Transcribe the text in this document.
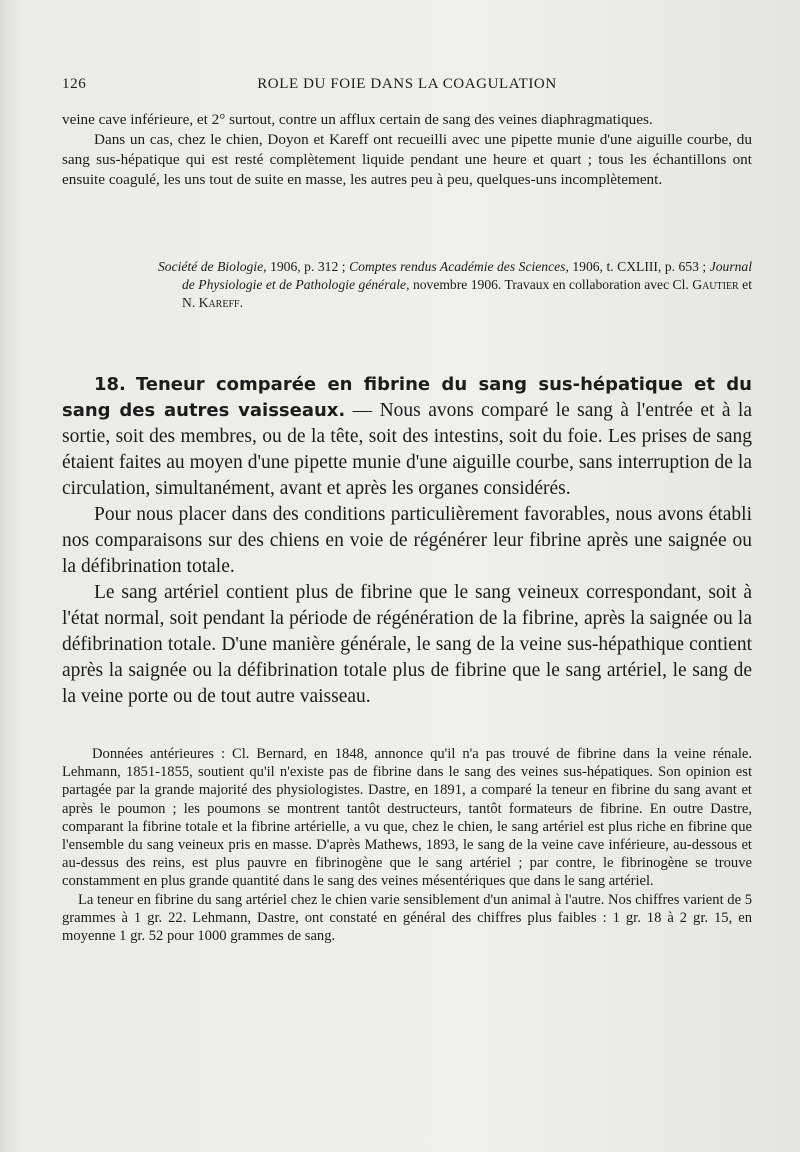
126	ROLE DU FOIE DANS LA COAGULATION

veine cave inférieure, et 2° surtout, contre un afflux certain de sang des veines diaphragmatiques.

Dans un cas, chez le chien, Doyon et Kareff ont recueilli avec une pipette munie d'une aiguille courbe, du sang sus-hépatique qui est resté complètement liquide pendant une heure et quart ; tous les échantillons ont ensuite coagulé, les uns tout de suite en masse, les autres peu à peu, quelques-uns incomplètement.

Société de Biologie, 1906, p. 312 ; Comptes rendus Académie des Sciences, 1906, t. CXLIII, p. 653 ; Journal de Physiologie et de Pathologie générale, novembre 1906. Travaux en collaboration avec Cl. Gautier et N. Kareff.

18. Teneur comparée en fibrine du sang sus-hépatique et du sang des autres vaisseaux. — Nous avons comparé le sang à l'entrée et à la sortie, soit des membres, ou de la tête, soit des intestins, soit du foie. Les prises de sang étaient faites au moyen d'une pipette munie d'une aiguille courbe, sans interruption de la circulation, simultanément, avant et après les organes considérés.

Pour nous placer dans des conditions particulièrement favorables, nous avons établi nos comparaisons sur des chiens en voie de régénérer leur fibrine après une saignée ou la défibrination totale.

Le sang artériel contient plus de fibrine que le sang veineux correspondant, soit à l'état normal, soit pendant la période de régénération de la fibrine, après la saignée ou la défibrination totale. D'une manière générale, le sang de la veine sus-hépathique contient après la saignée ou la défibrination totale plus de fibrine que le sang artériel, le sang de la veine porte ou de tout autre vaisseau.

Données antérieures : Cl. Bernard, en 1848, annonce qu'il n'a pas trouvé de fibrine dans la veine rénale. Lehmann, 1851-1855, soutient qu'il n'existe pas de fibrine dans le sang des veines sus-hépatiques. Son opinion est partagée par la grande majorité des physiologistes. Dastre, en 1891, a comparé la teneur en fibrine du sang avant et après le poumon ; les poumons se montrent tantôt destructeurs, tantôt formateurs de fibrine. En outre Dastre, comparant la fibrine totale et la fibrine artérielle, a vu que, chez le chien, le sang artériel est plus riche en fibrine que l'ensemble du sang veineux pris en masse. D'après Mathews, 1893, le sang de la veine cave inférieure, au-dessous et au-dessus des reins, est plus pauvre en fibrinogène que le sang artériel ; par contre, le fibrinogène se trouve constamment en plus grande quantité dans le sang des veines mésentériques que dans le sang artériel.

La teneur en fibrine du sang artériel chez le chien varie sensiblement d'un animal à l'autre. Nos chiffres varient de 5 grammes à 1 gr. 22. Lehmann, Dastre, ont constaté en général des chiffres plus faibles : 1 gr. 18 à 2 gr. 15, en moyenne 1 gr. 52 pour 1000 grammes de sang.
